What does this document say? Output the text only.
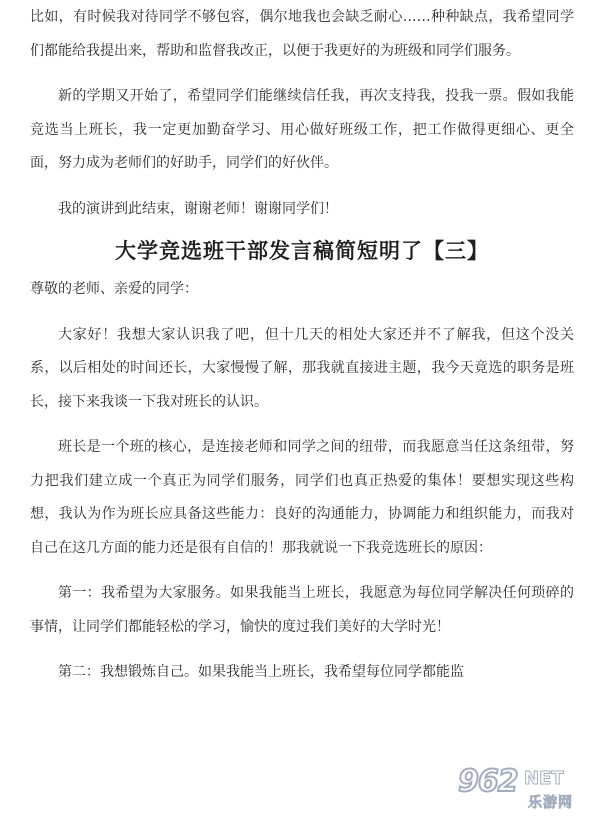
比如，有时候我对待同学不够包容，偶尔地我也会缺乏耐心……种种缺点，我希望同学们都能给我提出来，帮助和监督我改正，以便于我更好的为班级和同学们服务。

新的学期又开始了，希望同学们能继续信任我，再次支持我，投我一票。假如我能竞选当上班长，我一定更加勤奋学习、用心做好班级工作，把工作做得更细心、更全面，努力成为老师们的好助手，同学们的好伙伴。

我的演讲到此结束，谢谢老师！谢谢同学们！

大学竞选班干部发言稿简短明了【三】

尊敬的老师、亲爱的同学：

大家好！我想大家认识我了吧，但十几天的相处大家还并不了解我，但这个没关系，以后相处的时间还长，大家慢慢了解，那我就直接进主题，我今天竟选的职务是班长，接下来我谈一下我对班长的认识。

班长是一个班的核心，是连接老师和同学之间的纽带，而我愿意当任这条纽带，努力把我们建立成一个真正为同学们服务，同学们也真正热爱的集体！要想实现这些构想，我认为作为班长应具备这些能力：良好的沟通能力，协调能力和组织能力，而我对自己在这几方面的能力还是很有自信的！那我就说一下我竞选班长的原因：

第一：我希望为大家服务。如果我能当上班长，我愿意为每位同学解决任何琐碎的事情，让同学们都能轻松的学习，愉快的度过我们美好的大学时光！

第二：我想锻炼自己。如果我能当上班长，我希望每位同学都能监

962 NET
乐游网
